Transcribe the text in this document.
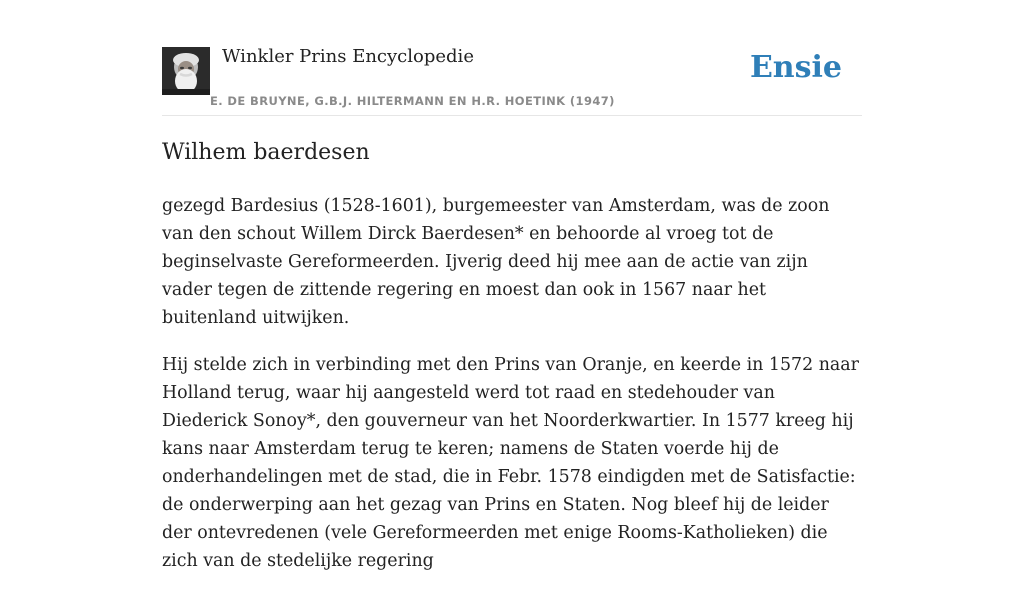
Winkler Prins Encyclopedie
E. DE BRUYNE, G.B.J. HILTERMANN EN H.R. HOETINK (1947)
Ensie
Wilhem baerdesen

gezegd Bardesius (1528-1601), burgemeester van Amsterdam, was de zoon van den schout Willem Dirck Baerdesen* en behoorde al vroeg tot de beginselvaste Gereformeerden. Ijverig deed hij mee aan de actie van zijn vader tegen de zittende regering en moest dan ook in 1567 naar het buitenland uitwijken.

Hij stelde zich in verbinding met den Prins van Oranje, en keerde in 1572 naar Holland terug, waar hij aangesteld werd tot raad en stedehouder van Diederick Sonoy*, den gouverneur van het Noorderkwartier. In 1577 kreeg hij kans naar Amsterdam terug te keren; namens de Staten voerde hij de onderhandelingen met de stad, die in Febr. 1578 eindigden met de Satisfactie: de onderwerping aan het gezag van Prins en Staten. Nog bleef hij de leider der ontevredenen (vele Gereformeerden met enige Rooms-Katholieken) die zich van de stedelijke regering
